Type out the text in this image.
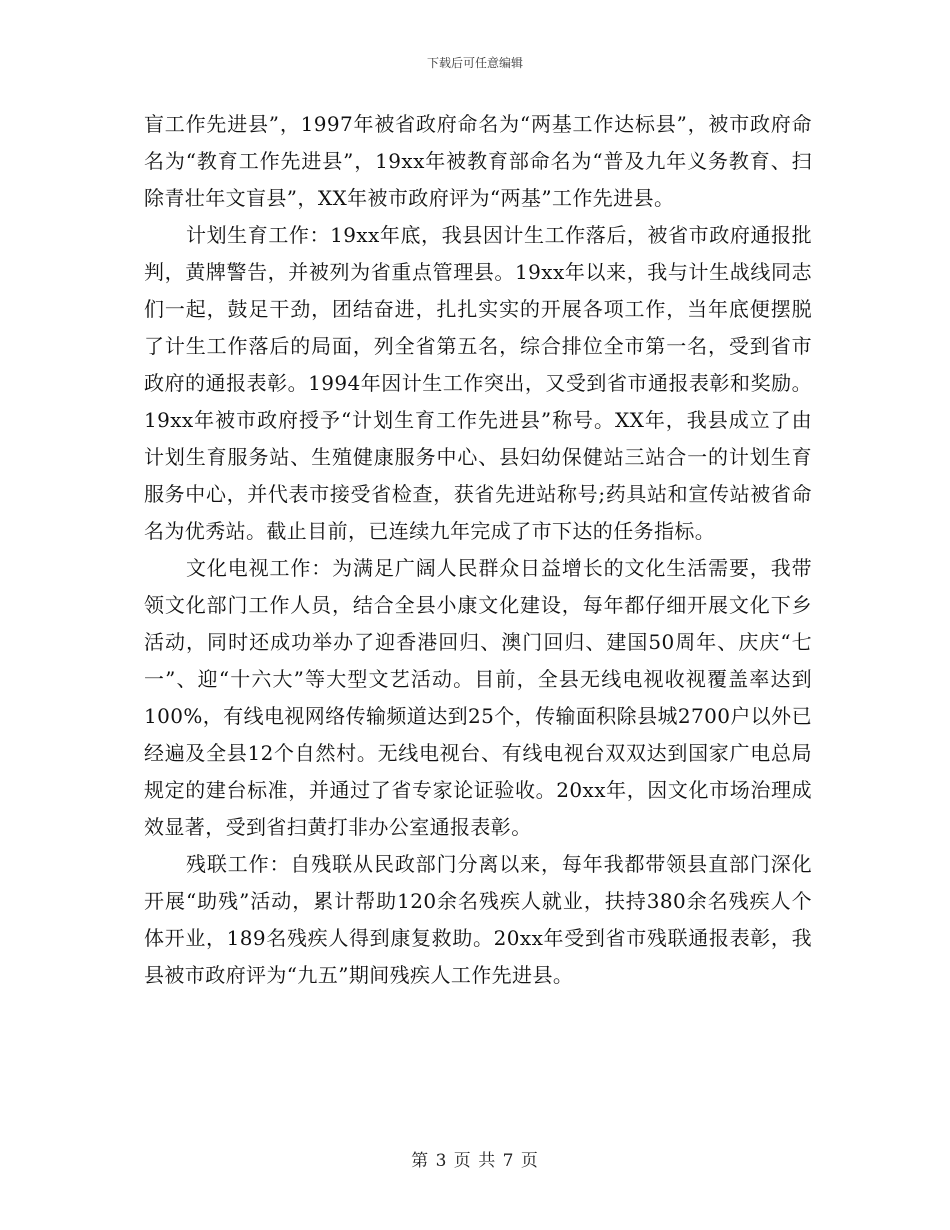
下载后可任意编辑

盲工作先进县”，1997年被省政府命名为“两基工作达标县”，被市政府命名为“教育工作先进县”，19xx年被教育部命名为“普及九年义务教育、扫除青壮年文盲县”，XX年被市政府评为“两基”工作先进县。

计划生育工作：19xx年底，我县因计生工作落后，被省市政府通报批判，黄牌警告，并被列为省重点管理县。19xx年以来，我与计生战线同志们一起，鼓足干劲，团结奋进，扎扎实实的开展各项工作，当年底便摆脱了计生工作落后的局面，列全省第五名，综合排位全市第一名，受到省市政府的通报表彰。1994年因计生工作突出，又受到省市通报表彰和奖励。19xx年被市政府授予“计划生育工作先进县”称号。XX年，我县成立了由计划生育服务站、生殖健康服务中心、县妇幼保健站三站合一的计划生育服务中心，并代表市接受省检查，获省先进站称号;药具站和宣传站被省命名为优秀站。截止目前，已连续九年完成了市下达的任务指标。

文化电视工作：为满足广阔人民群众日益增长的文化生活需要，我带领文化部门工作人员，结合全县小康文化建设，每年都仔细开展文化下乡活动，同时还成功举办了迎香港回归、澳门回归、建国50周年、庆庆“七一”、迎“十六大”等大型文艺活动。目前，全县无线电视收视覆盖率达到100%，有线电视网络传输频道达到25个，传输面积除县城2700户以外已经遍及全县12个自然村。无线电视台、有线电视台双双达到国家广电总局规定的建台标准，并通过了省专家论证验收。20xx年，因文化市场治理成效显著，受到省扫黄打非办公室通报表彰。

残联工作：自残联从民政部门分离以来，每年我都带领县直部门深化开展“助残”活动，累计帮助120余名残疾人就业，扶持380余名残疾人个体开业，189名残疾人得到康复救助。20xx年受到省市残联通报表彰，我县被市政府评为“九五”期间残疾人工作先进县。

第 3 页 共 7 页
